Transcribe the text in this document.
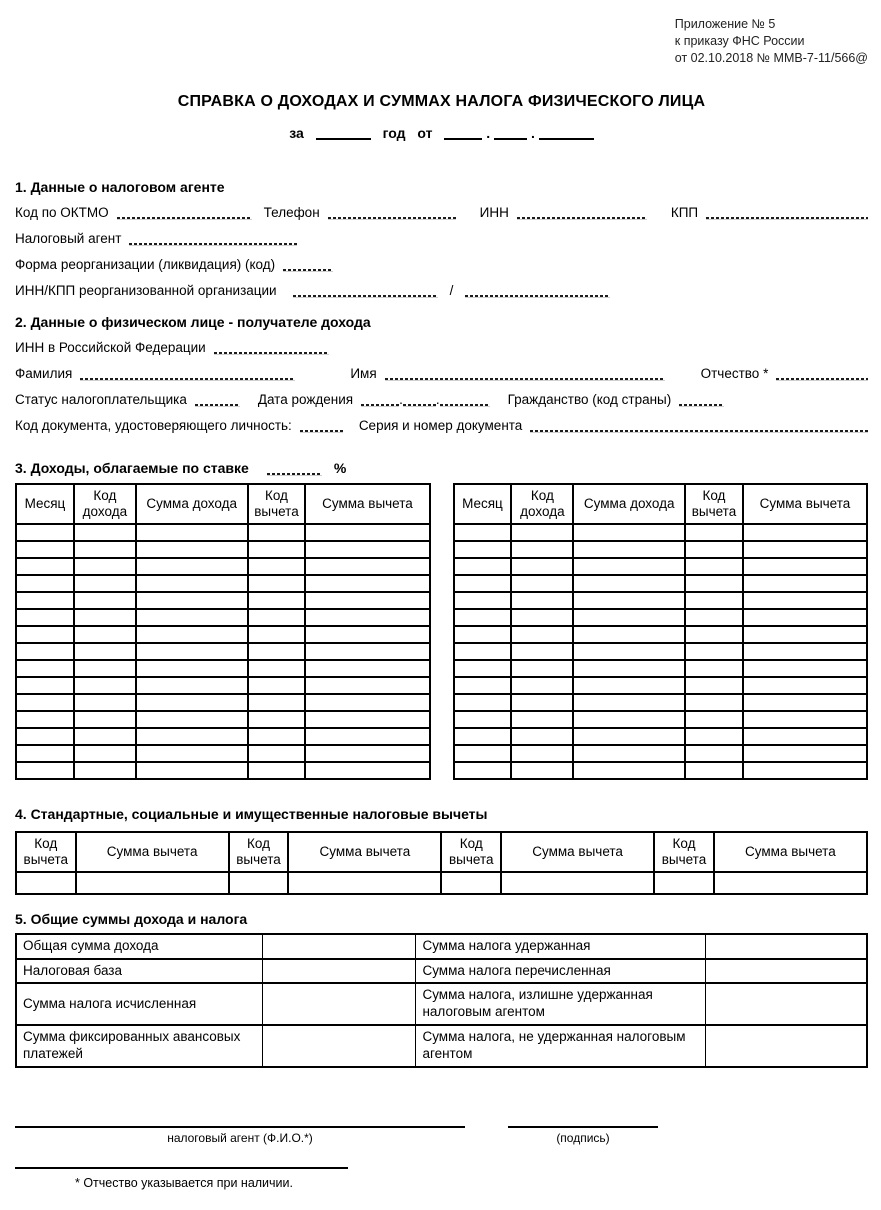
Приложение № 5
к приказу ФНС России
от 02.10.2018 № ММВ-7-11/566@
СПРАВКА О ДОХОДАХ И СУММАХ НАЛОГА ФИЗИЧЕСКОГО ЛИЦА
за	год от	.	.
1. Данные о налоговом агенте
Код по ОКТМО	Телефон	ИНН	КПП
Налоговый агент
Форма реорганизации (ликвидация) (код)
ИНН/КПП реорганизованной организации	/
2. Данные о физическом лице - получателе дохода
ИНН в Российской Федерации
Фамилия	Имя	Отчество *
Статус налогоплательщика	Дата рождения	. .	Гражданство (код страны)
Код документа, удостоверяющего личность:	Серия и номер документа
3. Доходы, облагаемые по ставке	%
Месяц	Код дохода	Сумма дохода	Код вычета	Сумма вычета

					Месяц	Код дохода	Сумма дохода	Код вычета	Сумма вычета

4. Стандартные, социальные и имущественные налоговые вычеты
Код вычета	Сумма вычета	Код вычета	Сумма вычета	Код вычета	Сумма вычета	Код вычета	Сумма вычета

5. Общие суммы дохода и налога
Общая сумма дохода		Сумма налога удержанная	
Налоговая база		Сумма налога перечисленная	
Сумма налога исчисленная		Сумма налога, излишне удержанная налоговым агентом	
Сумма фиксированных авансовых платежей		Сумма налога, не удержанная налоговым агентом	
налоговый агент (Ф.И.О.*)	(подпись)
* Отчество указывается при наличии.
